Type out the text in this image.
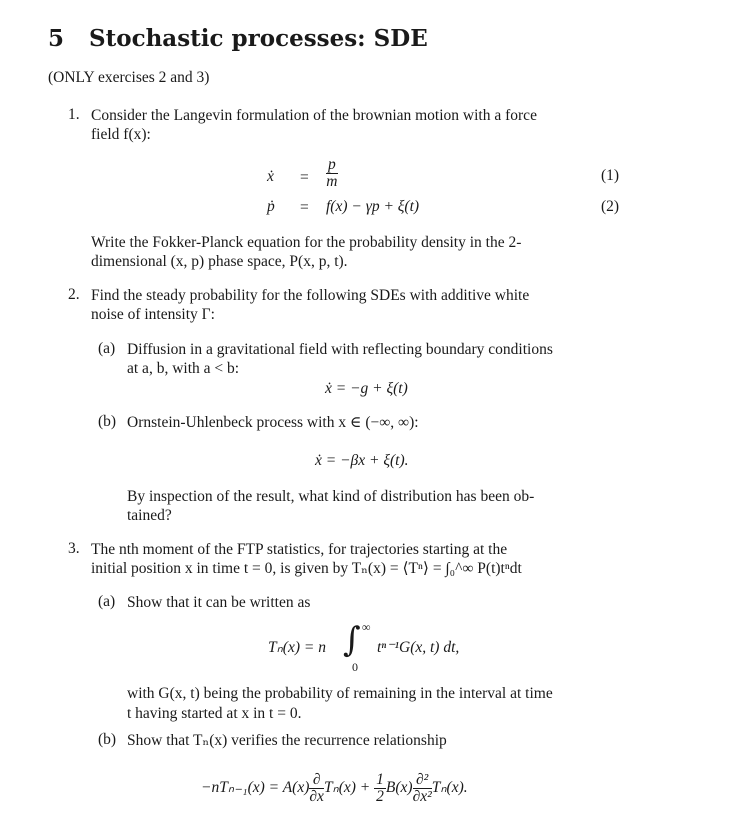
5 Stochastic processes: SDE
(ONLY exercises 2 and 3)
1. Consider the Langevin formulation of the brownian motion with a force
field f(x):
ẋ = $\frac{p}{m}$	(1)
ṗ = f(x) − γp + ξ(t)	(2)
Write the Fokker-Planck equation for the probability density in the 2-
dimensional (x, p) phase space, P(x, p, t).
2. Find the steady probability for the following SDEs with additive white
noise of intensity Γ:
(a) Diffusion in a gravitational field with reflecting boundary conditions
at a, b, with a < b:
ẋ = −g + ξ(t)
(b) Ornstein-Uhlenbeck process with x ∈ (−∞, ∞):
ẋ = −βx + ξ(t).
By inspection of the result, what kind of distribution has been ob-
tained?
3. The nth moment of the FTP statistics, for trajectories starting at the
initial position x in time t = 0, is given by Tₙ(x) = ⟨Tⁿ⟩ = ∫₀^∞ P(t)tⁿdt
(a) Show that it can be written as
Tₙ(x) = n ∫ ∞
0
tⁿ⁻¹G(x, t) dt,
with G(x, t) being the probability of remaining in the interval at time
t having started at x in t = 0.
(b) Show that Tₙ(x) verifies the recurrence relationship
$-nT_{n-1}(x) = A(x) \frac{\partial}{\partial x} T_n(x) + \frac{1}{2} B(x) \frac{\text{∂²}}{\text{∂x²}} T_n(x)$.
